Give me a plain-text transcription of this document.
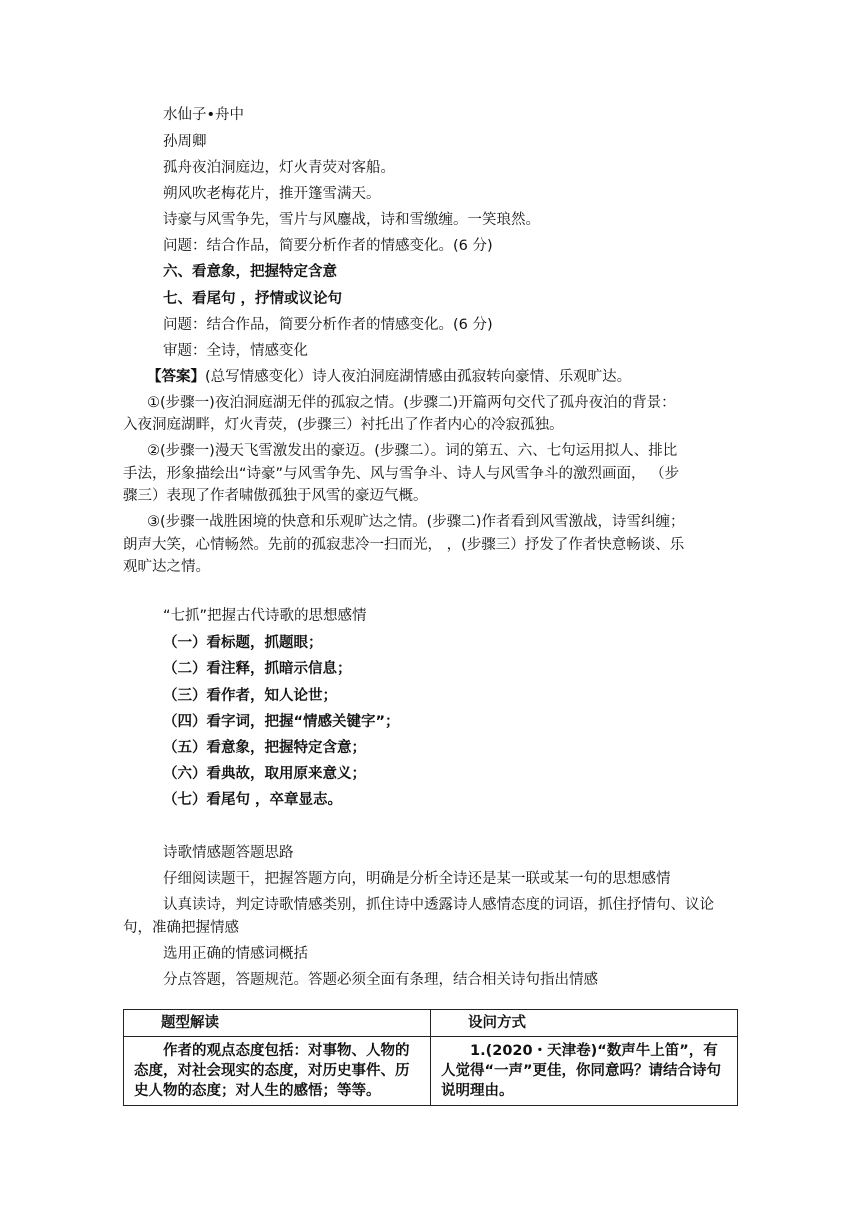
水仙子•舟中
孙周卿
孤舟夜泊洞庭边，灯火青荧对客船。
朔风吹老梅花片，推开篷雪满天。
诗豪与风雪争先，雪片与风鏖战，诗和雪缴缠。一笑琅然。
问题：结合作品，简要分析作者的情感变化。(6 分)
六、看意象，把握特定含意
七、看尾句 ，抒情或议论句
问题：结合作品，简要分析作者的情感变化。(6 分)
审题：全诗，情感变化
【答案】(总写情感变化）诗人夜泊洞庭湖情感由孤寂转向豪情、乐观旷达。
①(步骤一)夜泊洞庭湖无伴的孤寂之情。(步骤二)开篇两句交代了孤舟夜泊的背景：
入夜洞庭湖畔，灯火青荧，(步骤三）衬托出了作者内心的冷寂孤独。
②(步骤一)漫天飞雪激发出的豪迈。(步骤二）。词的第五、六、七句运用拟人、排比
手法，形象描绘出“诗豪”与风雪争先、风与雪争斗、诗人与风雪争斗的激烈画面， （步
骤三）表现了作者啸傲孤独于风雪的豪迈气概。
③(步骤一战胜困境的快意和乐观旷达之情。(步骤二)作者看到风雪激战，诗雪纠缠；
朗声大笑，心情畅然。先前的孤寂悲冷一扫而光， ，(步骤三）抒发了作者快意畅谈、乐
观旷达之情。
“七抓”把握古代诗歌的思想感情
（一）看标题，抓题眼；
（二）看注释，抓暗示信息；
（三）看作者，知人论世；
（四）看字词，把握“情感关键字”；
（五）看意象，把握特定含意；
（六）看典故，取用原来意义；
（七）看尾句 ，卒章显志。
诗歌情感题答题思路
仔细阅读题干，把握答题方向，明确是分析全诗还是某一联或某一句的思想感情
认真读诗，判定诗歌情感类别，抓住诗中透露诗人感情态度的词语，抓住抒情句、议论
句，准确把握情感
选用正确的情感词概括
分点答题，答题规范。答题必须全面有条理，结合相关诗句指出情感
题型解读	设问方式

作者的观点态度包括：对事物、人物的态度，对社会现实的态度，对历史事件、历史人物的态度；对人生的感悟；等等。	1.(2020・天津卷)“数声牛上笛”，有人觉得“一声”更佳，你同意吗？请结合诗句说明理由。
